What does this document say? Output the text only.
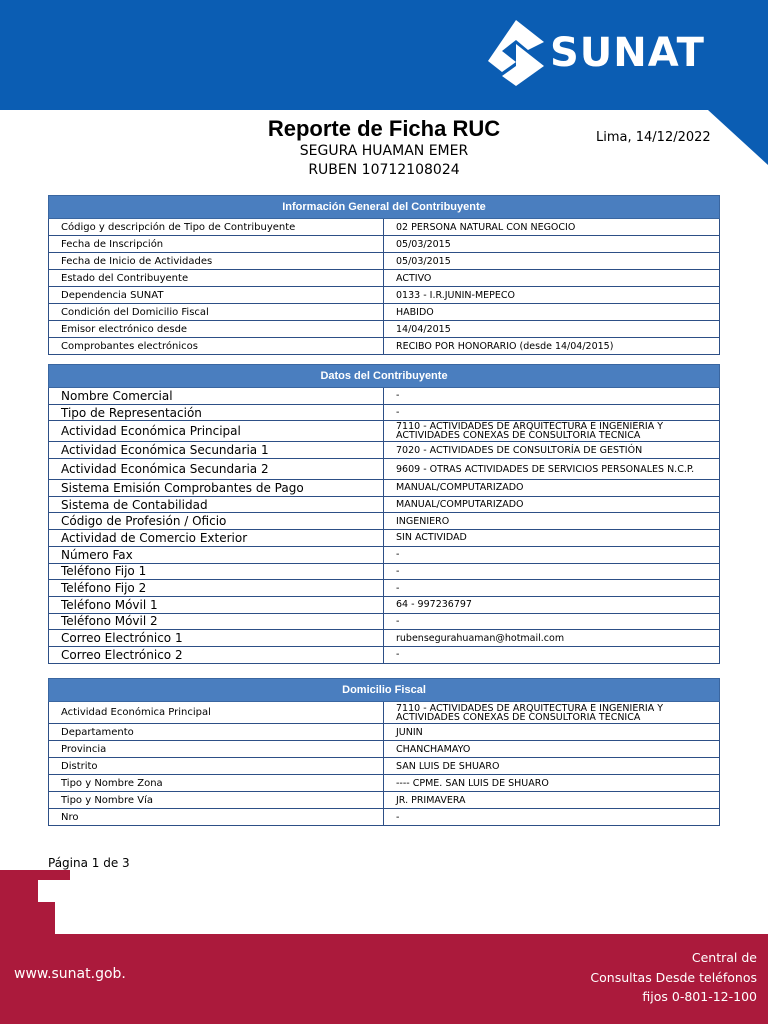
SUNAT
Reporte de Ficha RUC
SEGURA HUAMAN EMER
RUBEN 10712108024
Lima, 14/12/2022
Información General del Contribuyente	
Código y descripción de Tipo de Contribuyente	02 PERSONA NATURAL CON NEGOCIO
Fecha de Inscripción	05/03/2015
Fecha de Inicio de Actividades	05/03/2015
Estado del Contribuyente	ACTIVO
Dependencia SUNAT	0133 - I.R.JUNIN-MEPECO
Condición del Domicilio Fiscal	HABIDO
Emisor electrónico desde	14/04/2015
Comprobantes electrónicos	RECIBO POR HONORARIO (desde 14/04/2015)
Datos del Contribuyente	
Nombre Comercial	-
Tipo de Representación	-
Actividad Económica Principal	7110 - ACTIVIDADES DE ARQUITECTURA E INGENIERIA Y ACTIVIDADES CONEXAS DE CONSULTORIA TECNICA
Actividad Económica Secundaria 1	7020 - ACTIVIDADES DE CONSULTORÍA DE GESTIÓN
Actividad Económica Secundaria 2	9609 - OTRAS ACTIVIDADES DE SERVICIOS PERSONALES N.C.P.
Sistema Emisión Comprobantes de Pago	MANUAL/COMPUTARIZADO
Sistema de Contabilidad	MANUAL/COMPUTARIZADO
Código de Profesión / Oficio	INGENIERO
Actividad de Comercio Exterior	SIN ACTIVIDAD
Número Fax	-
Teléfono Fijo 1	-
Teléfono Fijo 2	-
Teléfono Móvil 1	64 - 997236797
Teléfono Móvil 2	-
Correo Electrónico 1	rubensegurahuaman@hotmail.com
Correo Electrónico 2	-
Domicilio Fiscal	
Actividad Económica Principal	7110 - ACTIVIDADES DE ARQUITECTURA E INGENIERIA Y ACTIVIDADES CONEXAS DE CONSULTORIA TECNICA
Departamento	JUNIN
Provincia	CHANCHAMAYO
Distrito	SAN LUIS DE SHUARO
Tipo y Nombre Zona	---- CPME. SAN LUIS DE SHUARO
Tipo y Nombre Vía	JR. PRIMAVERA
Nro	-
Página 1 de 3
www.sunat.gob.
Central de
Consultas Desde teléfonos
fijos 0-801-12-100
